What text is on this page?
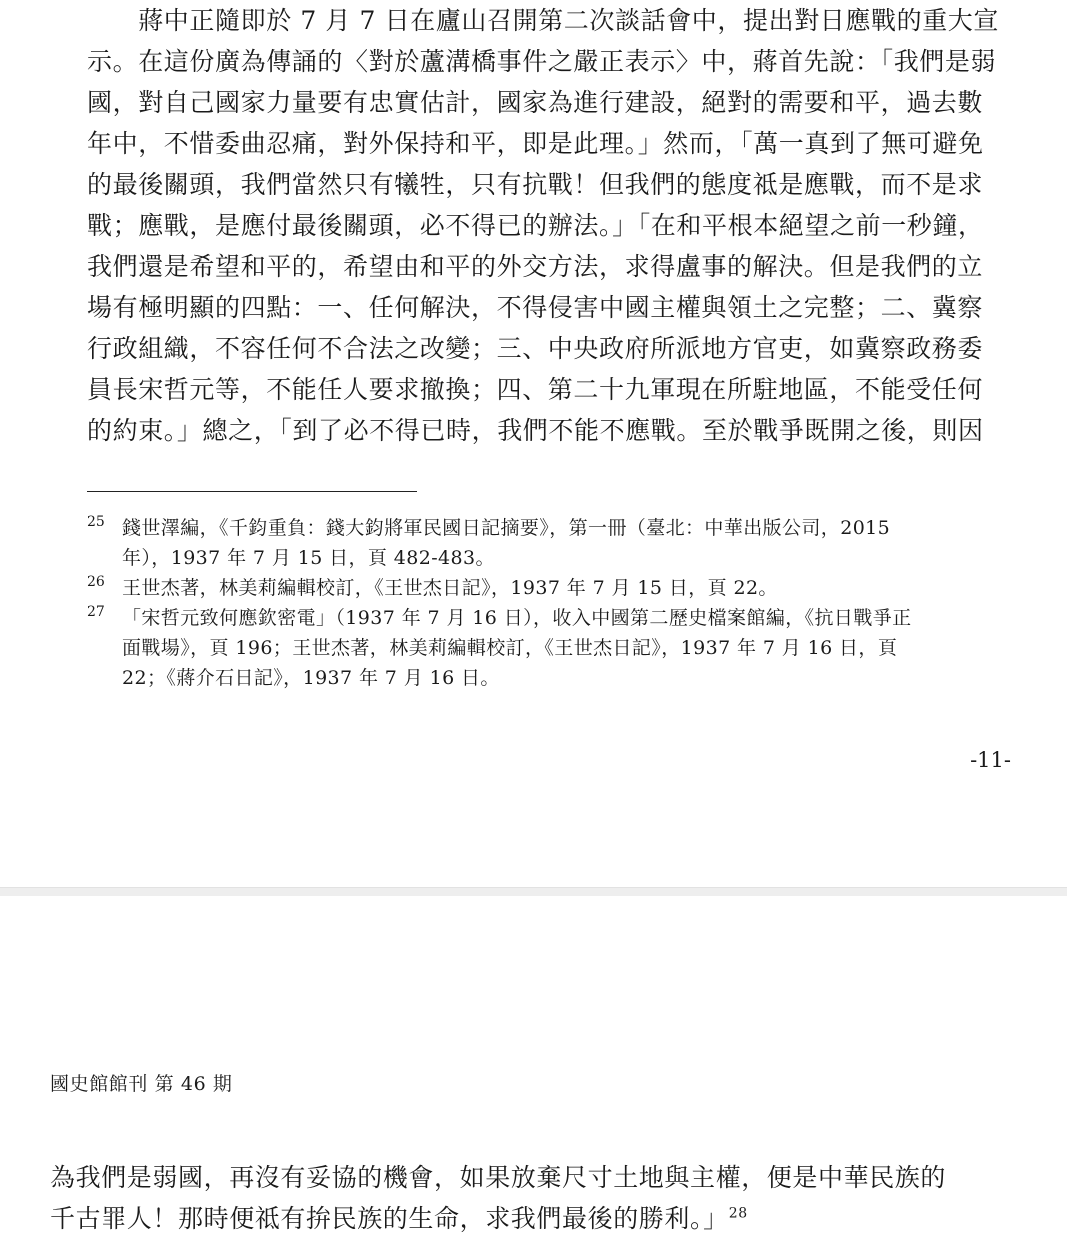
　　蔣中正隨即於 7 月 7 日在廬山召開第二次談話會中，提出對日應戰的重大宣
示。在這份廣為傳誦的〈對於蘆溝橋事件之嚴正表示〉中，蔣首先說：「我們是弱
國，對自己國家力量要有忠實估計，國家為進行建設，絕對的需要和平，過去數
年中，不惜委曲忍痛，對外保持和平，即是此理。」然而，「萬一真到了無可避免
的最後關頭，我們當然只有犧牲，只有抗戰！但我們的態度祗是應戰，而不是求
戰；應戰，是應付最後關頭，必不得已的辦法。」「在和平根本絕望之前一秒鐘，
我們還是希望和平的，希望由和平的外交方法，求得盧事的解決。但是我們的立
場有極明顯的四點：一、任何解決，不得侵害中國主權與領土之完整；二、冀察
行政組織，不容任何不合法之改變；三、中央政府所派地方官吏，如冀察政務委
員長宋哲元等，不能任人要求撤換；四、第二十九軍現在所駐地區，不能受任何
的約束。」總之，「到了必不得已時，我們不能不應戰。至於戰爭既開之後，則因
25 錢世澤編，《千鈞重負：錢大鈞將軍民國日記摘要》，第一冊（臺北：中華出版公司，2015
年），1937 年 7 月 15 日，頁 482-483。
26 王世杰著，林美莉編輯校訂，《王世杰日記》，1937 年 7 月 15 日，頁 22。
27 「宋哲元致何應欽密電」（1937 年 7 月 16 日），收入中國第二歷史檔案館編，《抗日戰爭正
面戰場》，頁 196；王世杰著，林美莉編輯校訂，《王世杰日記》，1937 年 7 月 16 日，頁
22；《蔣介石日記》，1937 年 7 月 16 日。
-11-
國史館館刊 第 46 期
為我們是弱國，再沒有妥協的機會，如果放棄尺寸土地與主權，便是中華民族的
千古罪人！那時便祗有拚民族的生命，求我們最後的勝利。」$^{28}$
